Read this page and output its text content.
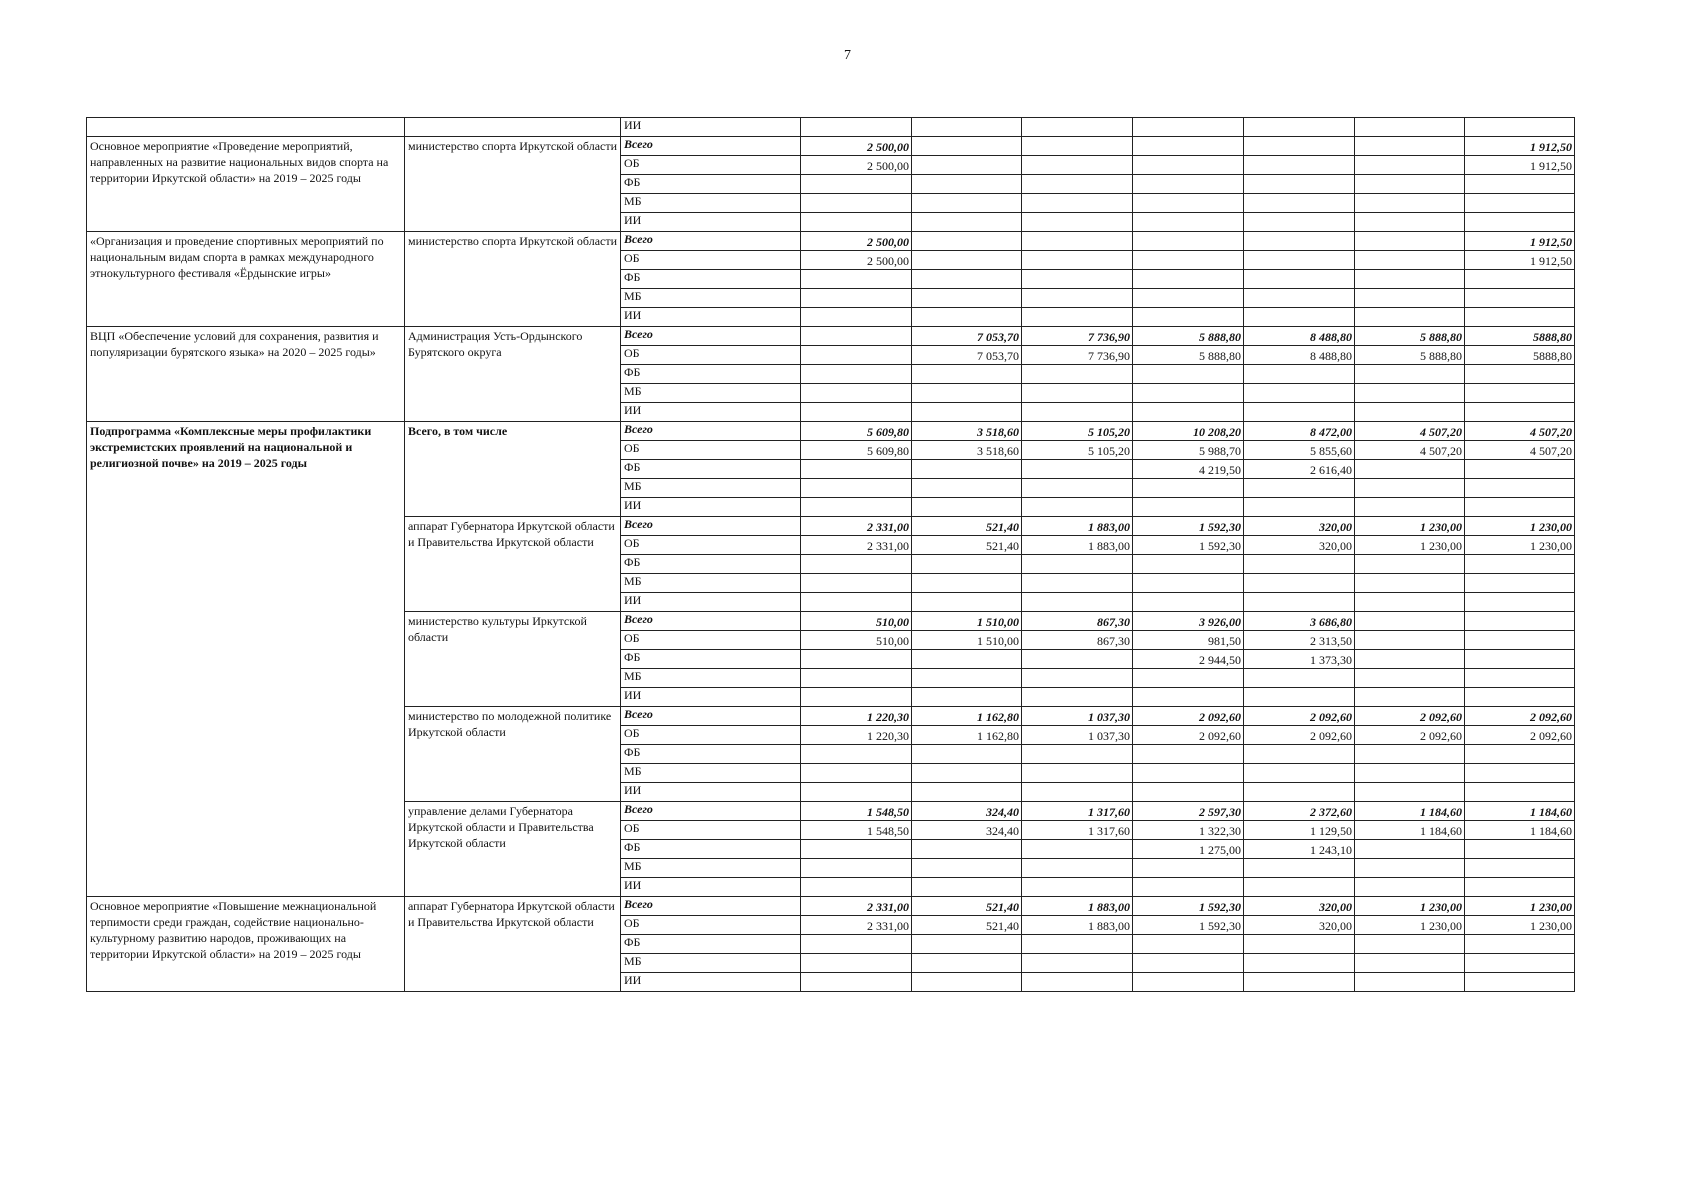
7
		ИИ							
Основное мероприятие «Проведение мероприятий, направленных на развитие национальных видов спорта на территории Иркутской области» на 2019 – 2025 годы	министерство спорта Иркутской области	Всего	2 500,00						1 912,50
		ОБ	2 500,00						1 912,50
		ФБ							
		МБ							
		ИИ							
«Организация и проведение спортивных мероприятий по национальным видам спорта в рамках международного этнокультурного фестиваля «Ёрдынские игры»	министерство спорта Иркутской области	Всего	2 500,00						1 912,50
		ОБ	2 500,00						1 912,50
		ФБ							
		МБ							
		ИИ							
ВЦП «Обеспечение условий для сохранения, развития и популяризации бурятского языка» на 2020 – 2025 годы»	Администрация Усть-Ордынского Бурятского округа	Всего		7 053,70	7 736,90	5 888,80	8 488,80	5 888,80	5888,80
		ОБ		7 053,70	7 736,90	5 888,80	8 488,80	5 888,80	5888,80
		ФБ							
		МБ							
		ИИ							
Подпрограмма «Комплексные меры профилактики экстремистских проявлений на национальной и религиозной почве» на 2019 – 2025 годы	Всего, в том числе	Всего	5 609,80	3 518,60	5 105,20	10 208,20	8 472,00	4 507,20	4 507,20
		ОБ	5 609,80	3 518,60	5 105,20	5 988,70	5 855,60	4 507,20	4 507,20
		ФБ				4 219,50	2 616,40		
		МБ							
		ИИ							
	аппарат Губернатора Иркутской области и Правительства Иркутской области	Всего	2 331,00	521,40	1 883,00	1 592,30	320,00	1 230,00	1 230,00
		ОБ	2 331,00	521,40	1 883,00	1 592,30	320,00	1 230,00	1 230,00
		ФБ							
		МБ							
		ИИ							
	министерство культуры Иркутской области	Всего	510,00	1 510,00	867,30	3 926,00	3 686,80		
		ОБ	510,00	1 510,00	867,30	981,50	2 313,50		
		ФБ				2 944,50	1 373,30		
		МБ							
		ИИ							
	министерство по молодежной политике Иркутской области	Всего	1 220,30	1 162,80	1 037,30	2 092,60	2 092,60	2 092,60	2 092,60
		ОБ	1 220,30	1 162,80	1 037,30	2 092,60	2 092,60	2 092,60	2 092,60
		ФБ							
		МБ							
		ИИ							
	управление делами Губернатора Иркутской области и Правительства Иркутской области	Всего	1 548,50	324,40	1 317,60	2 597,30	2 372,60	1 184,60	1 184,60
		ОБ	1 548,50	324,40	1 317,60	1 322,30	1 129,50	1 184,60	1 184,60
		ФБ				1 275,00	1 243,10		
		МБ							
		ИИ							
Основное мероприятие «Повышение межнациональной терпимости среди граждан, содействие национально-культурному развитию народов, проживающих на территории Иркутской области» на 2019 – 2025 годы	аппарат Губернатора Иркутской области и Правительства Иркутской области	Всего	2 331,00	521,40	1 883,00	1 592,30	320,00	1 230,00	1 230,00
		ОБ	2 331,00	521,40	1 883,00	1 592,30	320,00	1 230,00	1 230,00
		ФБ							
		МБ							
		ИИ							
